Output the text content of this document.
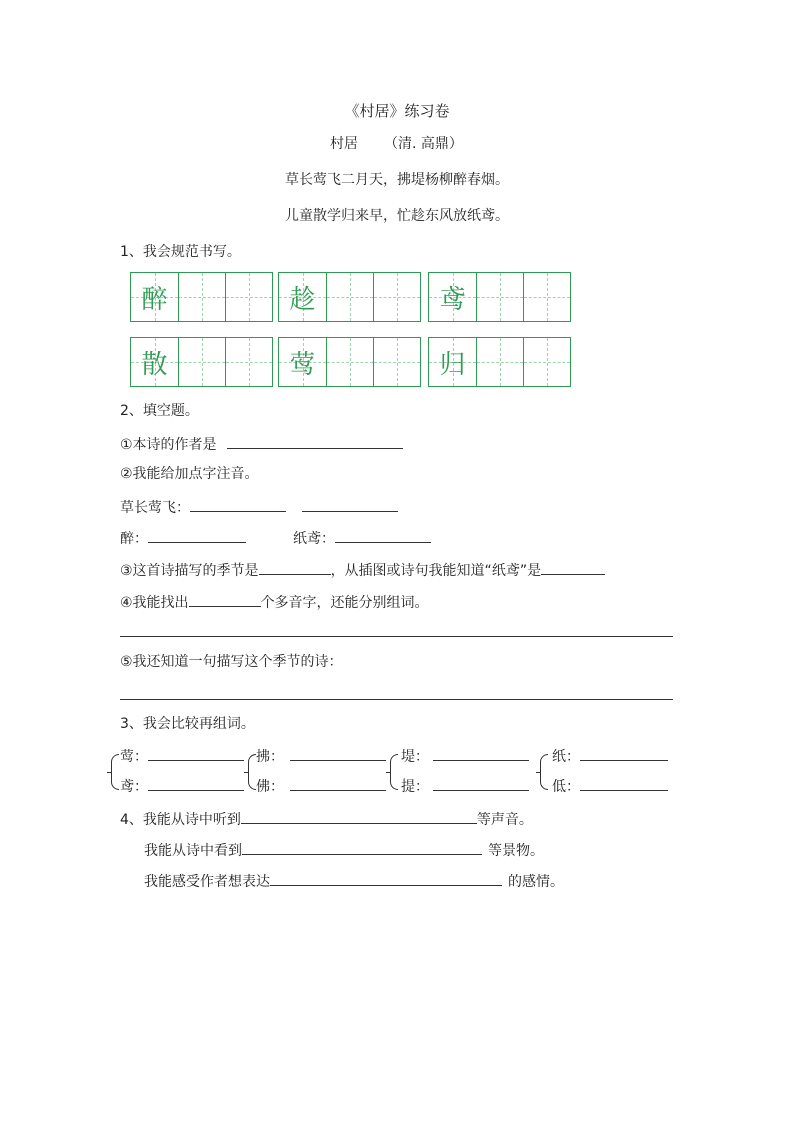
《村居》练习卷
村居 （清. 高鼎）
草长莺飞二月天，拂堤杨柳醉春烟。
儿童散学归来早，忙趁东风放纸鸢。
1、我会规范书写。
醉	趁	鸢
散	莺	归
2、填空题。
①本诗的作者是
②我能给加点字注音。
草长莺飞：
醉：	纸鸢：
③这首诗描写的季节是	，从插图或诗句我能知道“纸鸢”是
④我能找出	个多音字，还能分别组词。
⑤我还知道一句描写这个季节的诗：
3、我会比较再组词。
莺：
鸢：
拂：
佛：
堤：
提：
纸：
低：
4、我能从诗中听到	等声音。
我能从诗中看到	等景物。
我能感受作者想表达	的感情。
